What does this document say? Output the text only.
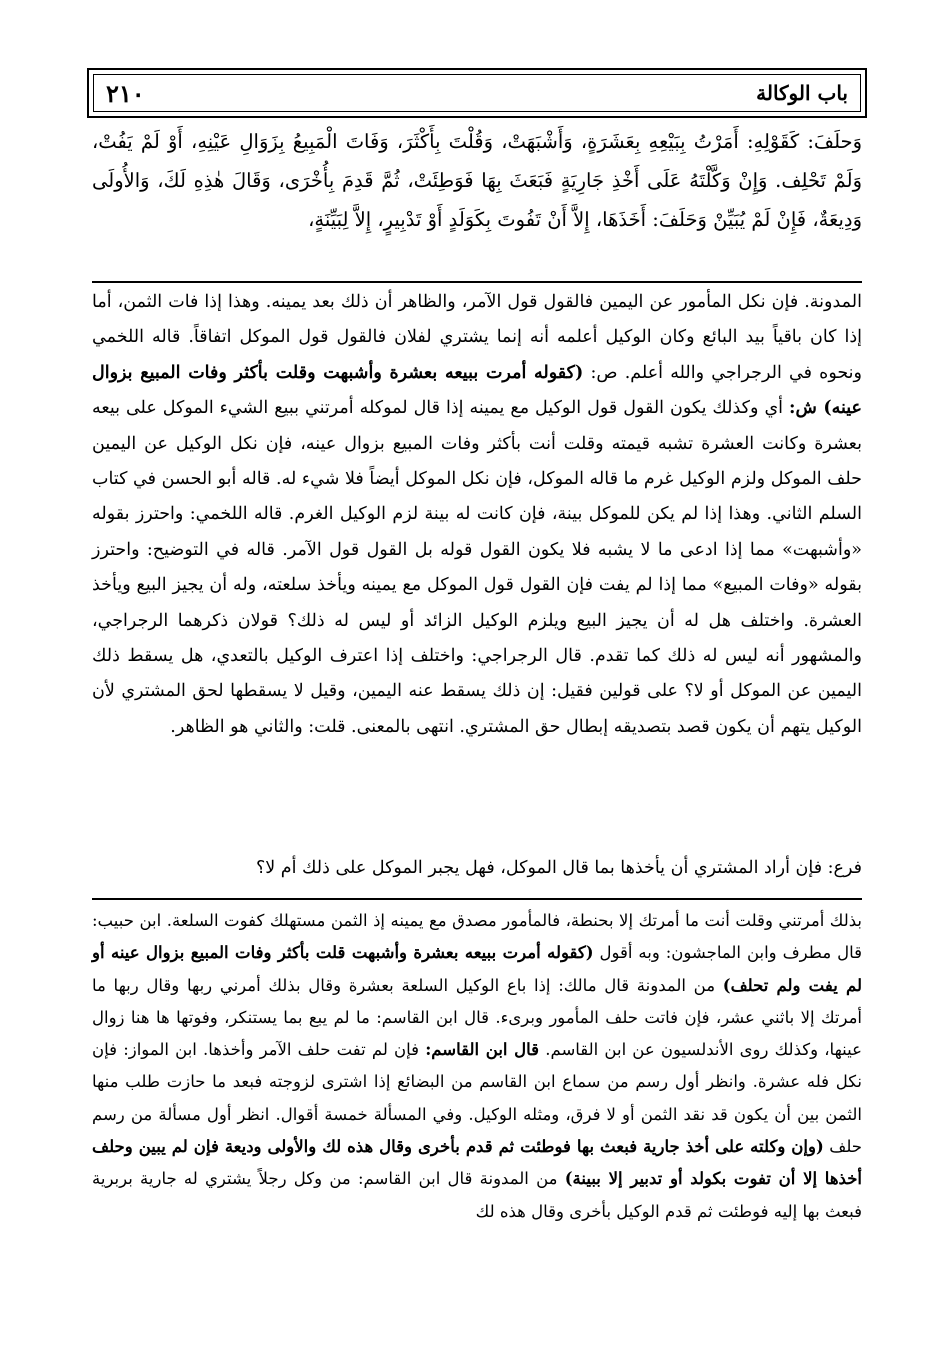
باب الوكالة
٢١٠

وَحلَفَ: كَقَوْلِهِ: أَمَرْتُ بِبَيْعِهِ بِعَشَرَةٍ، وَأَشْبَهَتْ، وَقُلْتَ بِأَكْثَرَ، وَفَاتَ الْمَبِيعُ بِزَوَالِ عَيْنِهِ، أَوْ لَمْ يَفُتْ، وَلَمْ تَحْلِف. وَإِنْ وَكَّلْتَهُ عَلَى أَخْذِ جَارِيَةٍ فَبَعَثَ بِهَا فَوَطِئَتْ، ثُمَّ قَدِمَ بِأُخْرَى، وَقَالَ هٰذِهِ لَكَ، وَالأُولَى وَدِيعَةٌ، فَإِنْ لَمْ يُبَيِّنْ وَحَلَفَ: أَخَذَهَا، إِلاَّ أَنْ تَفُوتَ بِكَوَلَدٍ أَوْ تَدْبِيرٍ، إِلاَّ لِبَيِّنَةٍ،

المدونة. فإن نكل المأمور عن اليمين فالقول قول الآمر، والظاهر أن ذلك بعد يمينه. وهذا إذا فات الثمن، أما إذا كان باقياً بيد البائع وكان الوكيل أعلمه أنه إنما يشتري لفلان فالقول قول الموكل اتفاقاً. قاله اللخمي ونحوه في الرجراجي والله أعلم. ص: (كقوله أمرت ببيعه بعشرة وأشبهت وقلت بأكثر وفات المبيع بزوال عينه) ش: أي وكذلك يكون القول قول الوكيل مع يمينه إذا قال لموكله أمرتني ببيع الشيء الموكل على بيعه بعشرة وكانت العشرة تشبه قيمته وقلت أنت بأكثر وفات المبيع بزوال عينه، فإن نكل الوكيل عن اليمين حلف الموكل ولزم الوكيل غرم ما قاله الموكل، فإن نكل الموكل أيضاً فلا شيء له. قاله أبو الحسن في كتاب السلم الثاني. وهذا إذا لم يكن للموكل بينة، فإن كانت له بينة لزم الوكيل الغرم. قاله اللخمي: واحترز بقوله «وأشبهت» مما إذا ادعى ما لا يشبه فلا يكون القول قوله بل القول قول الآمر. قاله في التوضيح: واحترز بقوله «وفات المبيع» مما إذا لم يفت فإن القول قول الموكل مع يمينه ويأخذ سلعته، وله أن يجيز البيع ويأخذ العشرة. واختلف هل له أن يجيز البيع ويلزم الوكيل الزائد أو ليس له ذلك؟ قولان ذكرهما الرجراجي، والمشهور أنه ليس له ذلك كما تقدم. قال الرجراجي: واختلف إذا اعترف الوكيل بالتعدي، هل يسقط ذلك اليمين عن الموكل أو لا؟ على قولين فقيل: إن ذلك يسقط عنه اليمين، وقيل لا يسقطها لحق المشتري لأن الوكيل يتهم أن يكون قصد بتصديقه إبطال حق المشتري. انتهى بالمعنى. قلت: والثاني هو الظاهر.

فرع: فإن أراد المشتري أن يأخذها بما قال الموكل، فهل يجبر الموكل على ذلك أم لا؟

بذلك أمرتني وقلت أنت ما أمرتك إلا بحنطة، فالمأمور مصدق مع يمينه إذ الثمن مستهلك كفوت السلعة. ابن حبيب: قال مطرف وابن الماجشون: وبه أقول (كقوله أمرت ببيعه بعشرة وأشبهت قلت بأكثر وفات المبيع بزوال عينه أو لم يفت ولم تحلف) من المدونة قال مالك: إذا باع الوكيل السلعة بعشرة وقال بذلك أمرني ربها وقال ربها ما أمرتك إلا باثني عشر، فإن فاتت حلف المأمور وبرىء. قال ابن القاسم: ما لم يبع بما يستنكر، وفوتها ها هنا زوال عينها، وكذلك روى الأندلسيون عن ابن القاسم. قال ابن القاسم: فإن لم تفت حلف الآمر وأخذها. ابن المواز: فإن نكل فله عشرة. وانظر أول رسم من سماع ابن القاسم من البضائع إذا اشترى لزوجته فبعد ما حازت طلب منها الثمن بين أن يكون قد نقد الثمن أو لا فرق، ومثله الوكيل. وفي المسألة خمسة أقوال. انظر أول مسألة من رسم حلف (وإن وكلته على أخذ جارية فبعث بها فوطئت ثم قدم بأخرى وقال هذه لك والأولى وديعة فإن لم يبين وحلف أخذها إلا أن تفوت بكولد أو تدبير إلا ببينة) من المدونة قال ابن القاسم: من وكل رجلاً يشتري له جارية بربرية فبعث بها إليه فوطئت ثم قدم الوكيل بأخرى وقال هذه لك
